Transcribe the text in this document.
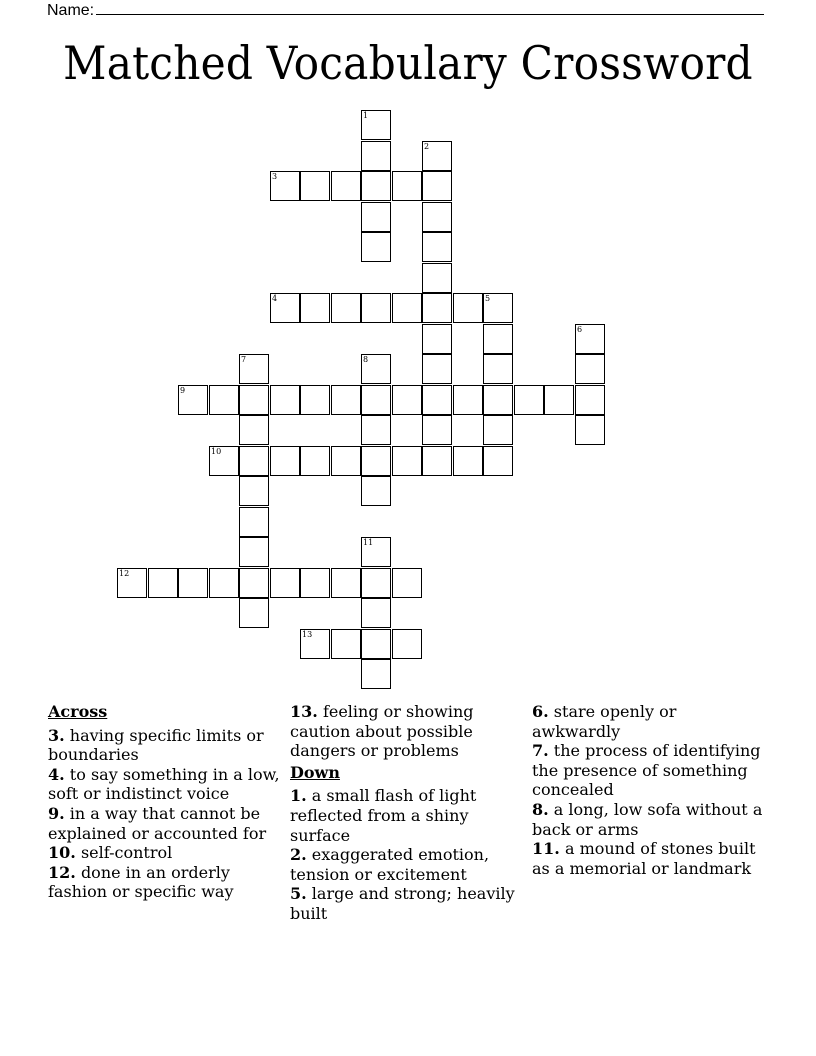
Name:
Matched Vocabulary Crossword
1
2
3
4	5
6
7	8
9
10
11
12
13

Across

3. having specific limits or boundaries

4. to say something in a low, soft or indistinct voice

9. in a way that cannot be explained or accounted for

10. self-control

12. done in an orderly fashion or specific way

13. feeling or showing caution about possible dangers or problems

Down

1. a small flash of light reflected from a shiny surface

2. exaggerated emotion, tension or excitement

5. large and strong; heavily built

6. stare openly or awkwardly

7. the process of identifying the presence of something concealed

8. a long, low sofa without a back or arms

11. a mound of stones built as a memorial or landmark
